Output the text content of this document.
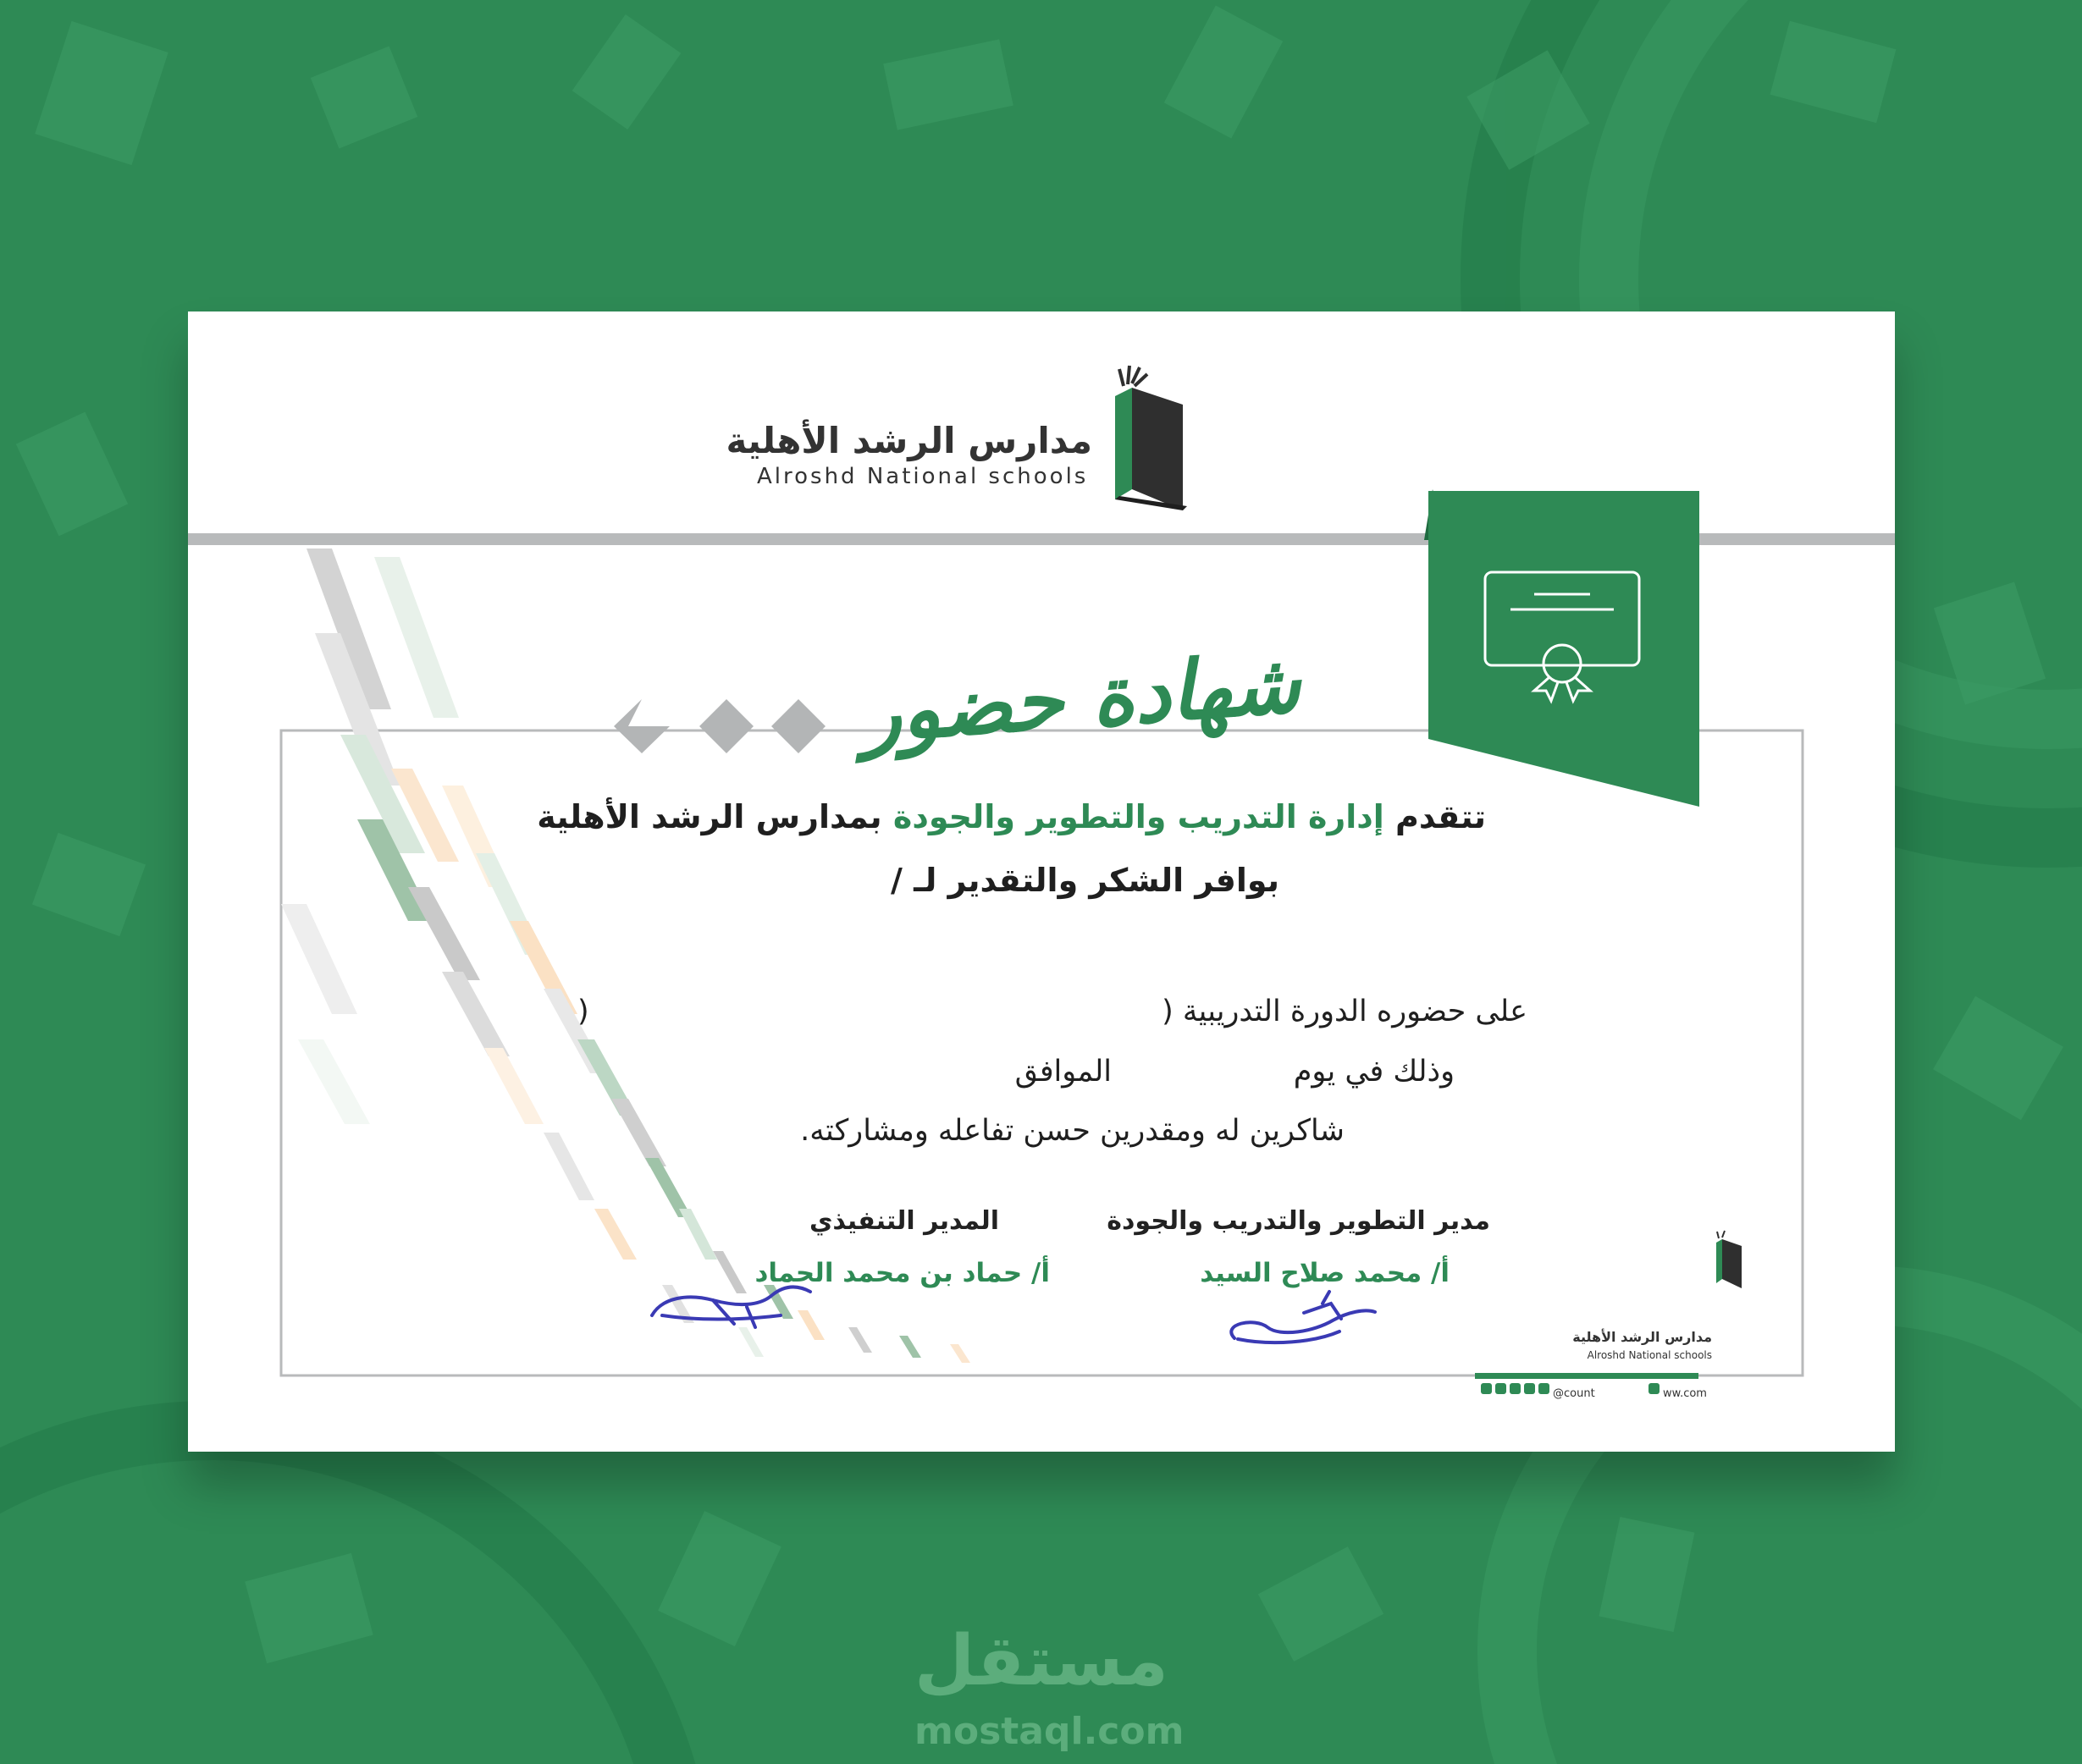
مدارس الرشد الأهلية
Alroshd National schools
شهادة حضور
تتقدم إدارة التدريب والتطوير والجودة بمدارس الرشد الأهلية
بوافر الشكر والتقدير لـ /
على حضوره الدورة التدريبية (
)
وذلك في يوم
الموافق
شاكرين له ومقدرين حسن تفاعله ومشاركته.
مدير التطوير والتدريب والجودة
أ/ محمد صلاح السيد
المدير التنفيذي
أ/ حماد بن محمد الحماد
مدارس الرشد الأهلية
Alroshd National schools
@count	ww.com
مستقل
mostaql.com
